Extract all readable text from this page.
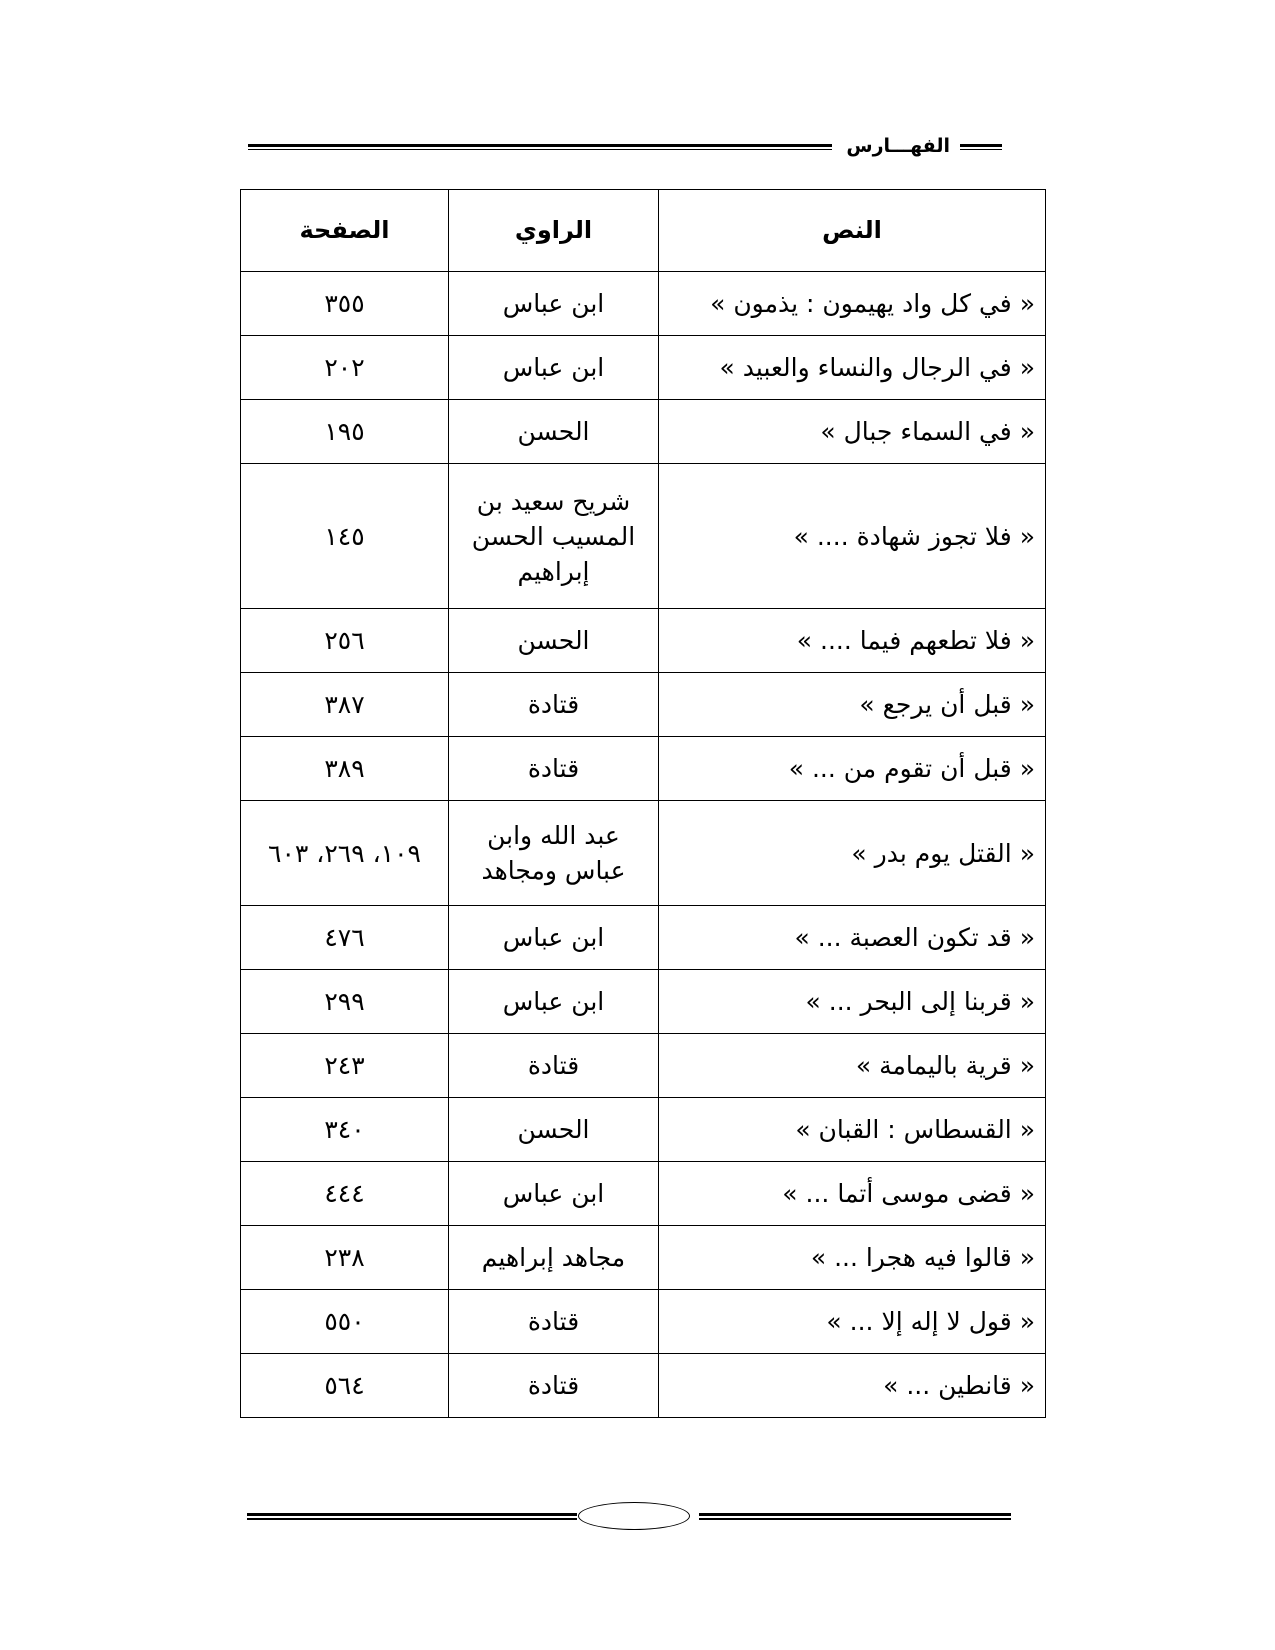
الفهـــارس
النص	الراوي	الصفحة
« في كل واد يهيمون : يذمون »	ابن عباس	٣٥٥
« في الرجال والنساء والعبيد »	ابن عباس	٢٠٢
« في السماء جبال »	الحسن	١٩٥
« فلا تجوز شهادة .... »	شريح سعيد بن المسيب الحسن إبراهيم	١٤٥
« فلا تطعهم فيما .... »	الحسن	٢٥٦
« قبل أن يرجع »	قتادة	٣٨٧
« قبل أن تقوم من ... »	قتادة	٣٨٩
« القتل يوم بدر »	عبد الله وابن عباس ومجاهد	١٠٩، ٢٦٩، ٦٠٣
« قد تكون العصبة ... »	ابن عباس	٤٧٦
« قربنا إلى البحر ... »	ابن عباس	٢٩٩
« قرية باليمامة »	قتادة	٢٤٣
« القسطاس : القبان »	الحسن	٣٤٠
« قضى موسى أتما ... »	ابن عباس	٤٤٤
« قالوا فيه هجرا ... »	مجاهد إبراهيم	٢٣٨
« قول لا إله إلا ... »	قتادة	٥٥٠
« قانطين ... »	قتادة	٥٦٤
